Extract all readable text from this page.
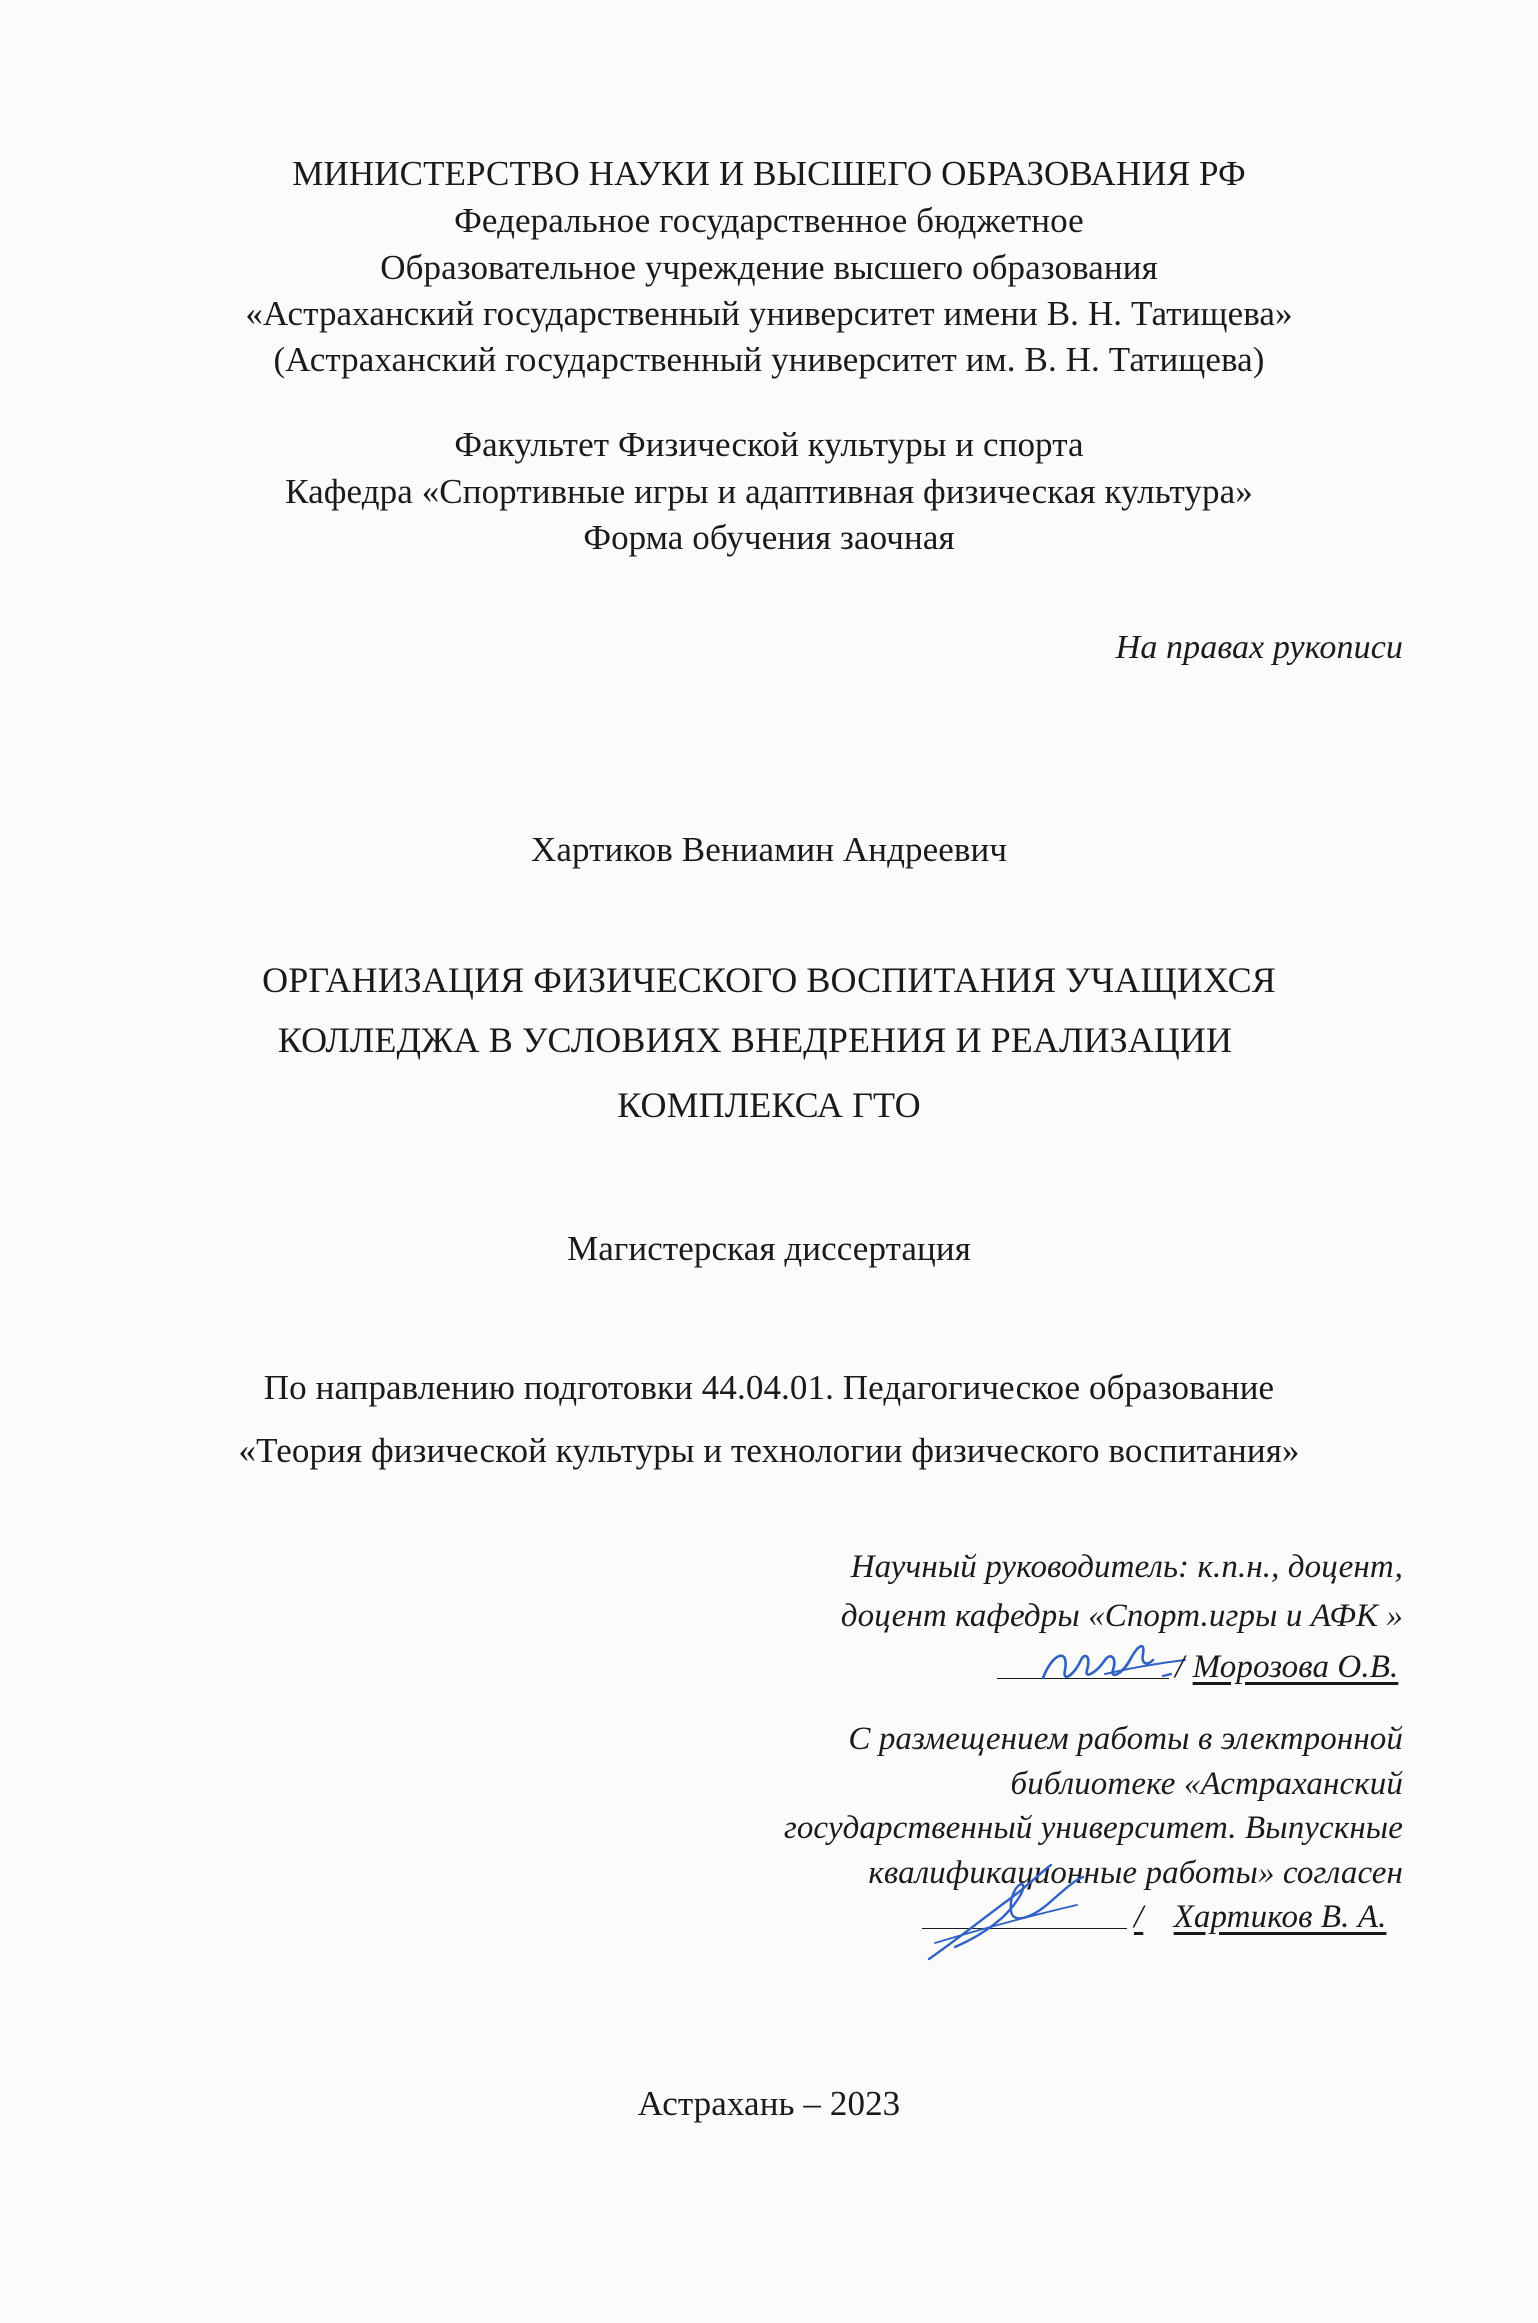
МИНИСТЕРСТВО НАУКИ И ВЫСШЕГО ОБРАЗОВАНИЯ РФ
Федеральное государственное бюджетное
Образовательное учреждение высшего образования
«Астраханский государственный университет имени В. Н. Татищева»
(Астраханский государственный университет им. В. Н. Татищева)
Факультет Физической культуры и спорта
Кафедра «Спортивные игры и адаптивная физическая культура»
Форма обучения заочная
На правах рукописи
Хартиков Вениамин Андреевич
ОРГАНИЗАЦИЯ ФИЗИЧЕСКОГО ВОСПИТАНИЯ УЧАЩИХСЯ
КОЛЛЕДЖА В УСЛОВИЯХ ВНЕДРЕНИЯ И РЕАЛИЗАЦИИ
КОМПЛЕКСА ГТО
Магистерская диссертация
По направлению подготовки 44.04.01. Педагогическое образование
«Теория физической культуры и технологии физического воспитания»
Научный руководитель: к.п.н., доцент,
доцент кафедры «Спорт.игры и АФК »
/ Морозова О.В.
С размещением работы в электронной
библиотеке «Астраханский
государственный университет. Выпускные
квалификационные работы» согласен
/ Хартиков В. А.
Астрахань – 2023
